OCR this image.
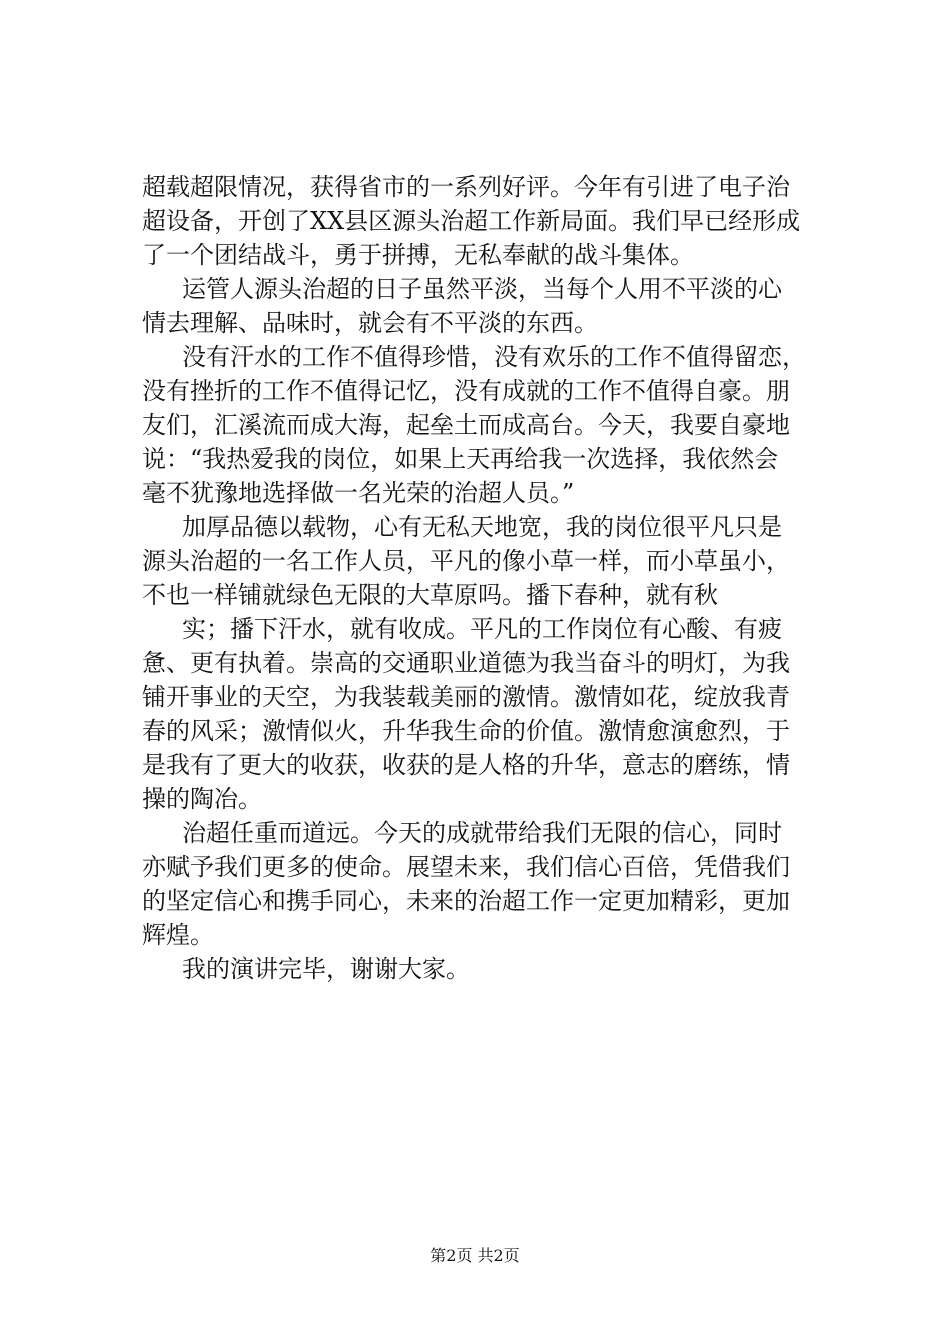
超载超限情况，获得省市的一系列好评。今年有引进了电子治
超设备，开创了XX县区源头治超工作新局面。我们早已经形成
了一个团结战斗，勇于拼搏，无私奉献的战斗集体。
运管人源头治超的日子虽然平淡，当每个人用不平淡的心
情去理解、品味时，就会有不平淡的东西。
没有汗水的工作不值得珍惜，没有欢乐的工作不值得留恋，
没有挫折的工作不值得记忆，没有成就的工作不值得自豪。朋
友们，汇溪流而成大海，起垒土而成高台。今天，我要自豪地
说：“我热爱我的岗位，如果上天再给我一次选择，我依然会
毫不犹豫地选择做一名光荣的治超人员。”
加厚品德以载物，心有无私天地宽，我的岗位很平凡只是
源头治超的一名工作人员，平凡的像小草一样，而小草虽小，
不也一样铺就绿色无限的大草原吗。播下春种，就有秋
实；播下汗水，就有收成。平凡的工作岗位有心酸、有疲
惫、更有执着。崇高的交通职业道德为我当奋斗的明灯，为我
铺开事业的天空，为我装载美丽的激情。激情如花，绽放我青
春的风采；激情似火，升华我生命的价值。激情愈演愈烈，于
是我有了更大的收获，收获的是人格的升华，意志的磨练，情
操的陶冶。
治超任重而道远。今天的成就带给我们无限的信心，同时
亦赋予我们更多的使命。展望未来，我们信心百倍，凭借我们
的坚定信心和携手同心，未来的治超工作一定更加精彩，更加
辉煌。
我的演讲完毕，谢谢大家。
第2页 共2页
